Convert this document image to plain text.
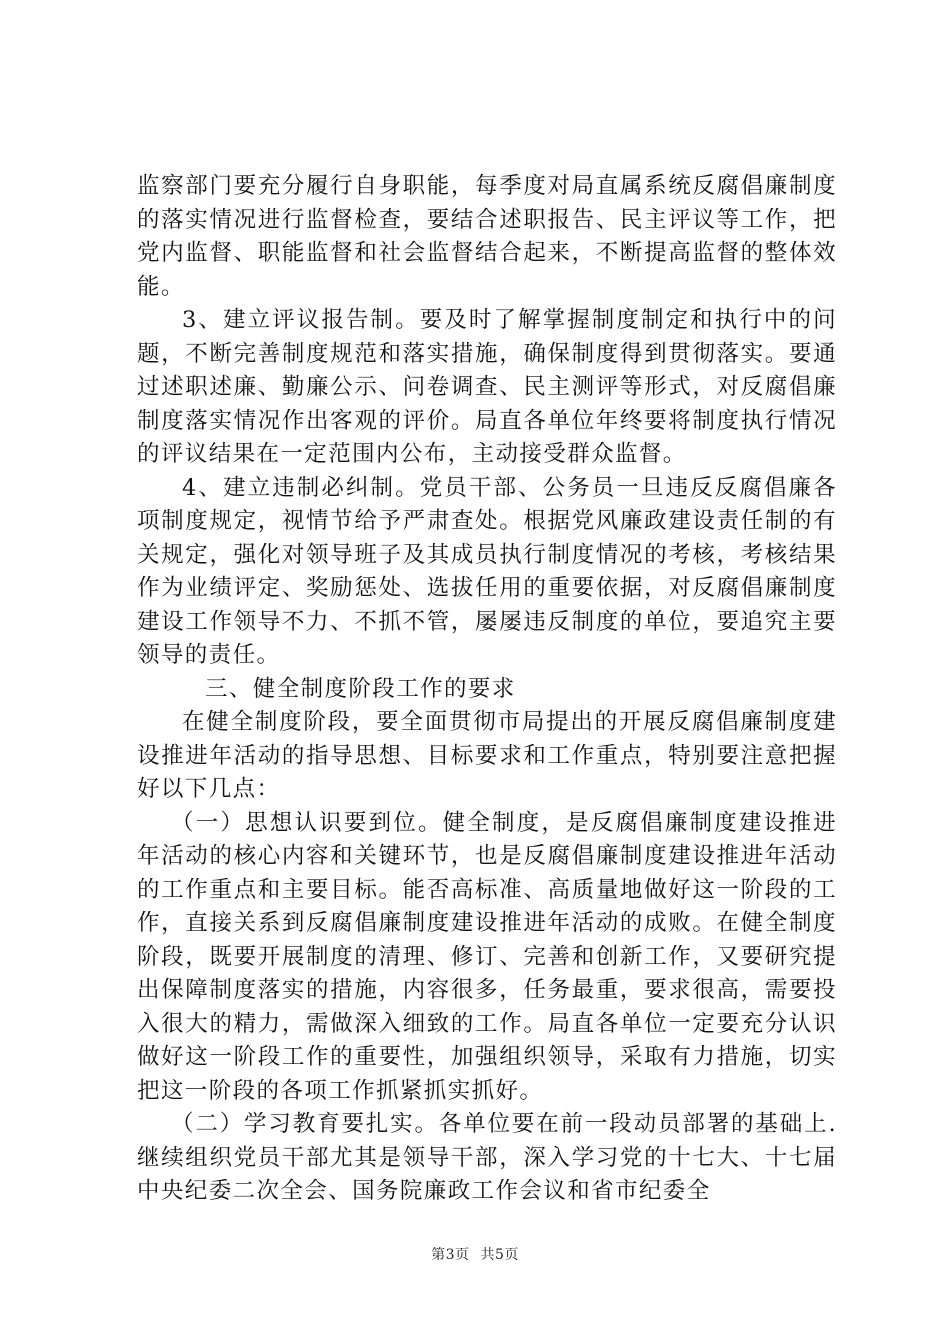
监察部门要充分履行自身职能，每季度对局直属系统反腐倡廉制度的落实情况进行监督检查，要结合述职报告、民主评议等工作，把党内监督、职能监督和社会监督结合起来，不断提高监督的整体效能。

3、建立评议报告制。要及时了解掌握制度制定和执行中的问题，不断完善制度规范和落实措施，确保制度得到贯彻落实。要通过述职述廉、勤廉公示、问卷调查、民主测评等形式，对反腐倡廉制度落实情况作出客观的评价。局直各单位年终要将制度执行情况的评议结果在一定范围内公布，主动接受群众监督。

4、建立违制必纠制。党员干部、公务员一旦违反反腐倡廉各项制度规定，视情节给予严肃查处。根据党风廉政建设责任制的有关规定，强化对领导班子及其成员执行制度情况的考核，考核结果作为业绩评定、奖励惩处、选拔任用的重要依据，对反腐倡廉制度建设工作领导不力、不抓不管，屡屡违反制度的单位，要追究主要领导的责任。

三、健全制度阶段工作的要求

在健全制度阶段，要全面贯彻市局提出的开展反腐倡廉制度建设推进年活动的指导思想、目标要求和工作重点，特别要注意把握好以下几点：

（一）思想认识要到位。健全制度，是反腐倡廉制度建设推进年活动的核心内容和关键环节，也是反腐倡廉制度建设推进年活动的工作重点和主要目标。能否高标准、高质量地做好这一阶段的工作，直接关系到反腐倡廉制度建设推进年活动的成败。在健全制度阶段，既要开展制度的清理、修订、完善和创新工作，又要研究提出保障制度落实的措施，内容很多，任务最重，要求很高，需要投入很大的精力，需做深入细致的工作。局直各单位一定要充分认识做好这一阶段工作的重要性，加强组织领导，采取有力措施，切实把这一阶段的各项工作抓紧抓实抓好。

（二）学习教育要扎实。各单位要在前一段动员部署的基础上.继续组织党员干部尤其是领导干部，深入学习党的十七大、十七届中央纪委二次全会、国务院廉政工作会议和省市纪委全

第3页 共5页
